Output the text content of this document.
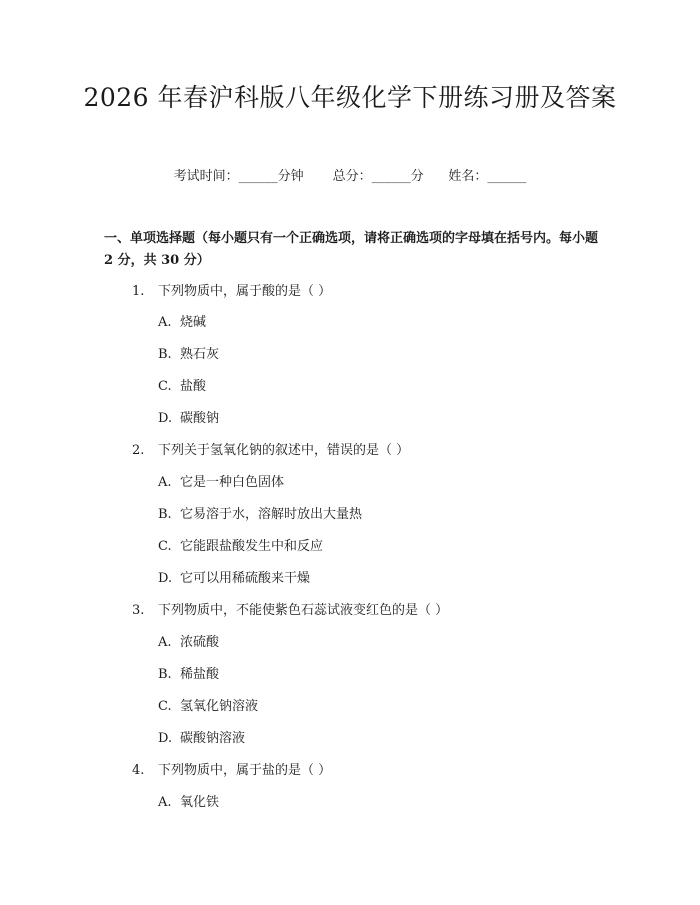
2026 年春沪科版八年级化学下册练习册及答案
考试时间：______分钟 总分：______分 姓名：______
一、单项选择题（每小题只有一个正确选项，请将正确选项的字母填在括号内。每小题 2 分，共 30 分）
1. 下列物质中，属于酸的是（ ）
A. 烧碱
B. 熟石灰
C. 盐酸
D. 碳酸钠
2. 下列关于氢氧化钠的叙述中，错误的是（ ）
A. 它是一种白色固体
B. 它易溶于水，溶解时放出大量热
C. 它能跟盐酸发生中和反应
D. 它可以用稀硫酸来干燥
3. 下列物质中，不能使紫色石蕊试液变红色的是（ ）
A. 浓硫酸
B. 稀盐酸
C. 氢氧化钠溶液
D. 碳酸钠溶液
4. 下列物质中，属于盐的是（ ）
A. 氧化铁
